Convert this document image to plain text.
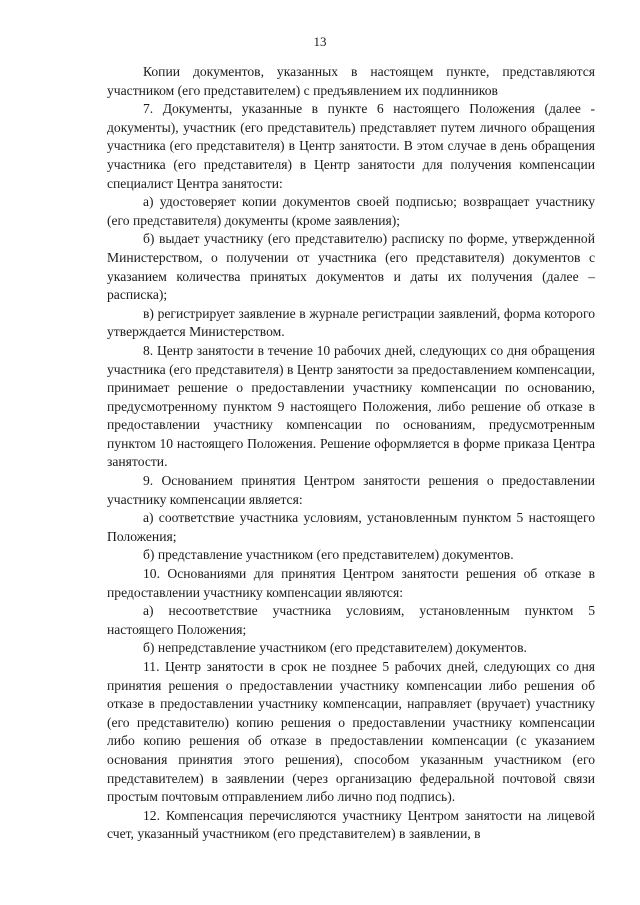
13

Копии документов, указанных в настоящем пункте, представляются участником (его представителем) с предъявлением их подлинников

7. Документы, указанные в пункте 6 настоящего Положения (далее - документы), участник (его представитель) представляет путем личного обращения участника (его представителя) в Центр занятости. В этом случае в день обращения участника (его представителя) в Центр занятости для получения компенсации специалист Центра занятости:

а) удостоверяет копии документов своей подписью; возвращает участнику (его представителя) документы (кроме заявления);

б) выдает участнику (его представителю) расписку по форме, утвержденной Министерством, о получении от участника (его представителя) документов с указанием количества принятых документов и даты их получения (далее – расписка);

в) регистрирует заявление в журнале регистрации заявлений, форма которого утверждается Министерством.

8. Центр занятости в течение 10 рабочих дней, следующих со дня обращения участника (его представителя) в Центр занятости за предоставлением компенсации, принимает решение о предоставлении участнику компенсации по основанию, предусмотренному пунктом 9 настоящего Положения, либо решение об отказе в предоставлении участнику компенсации по основаниям, предусмотренным пунктом 10 настоящего Положения. Решение оформляется в форме приказа Центра занятости.

9. Основанием принятия Центром занятости решения о предоставлении участнику компенсации является:

а) соответствие участника условиям, установленным пунктом 5 настоящего Положения;

б) представление участником (его представителем) документов.

10. Основаниями для принятия Центром занятости решения об отказе в предоставлении участнику компенсации являются:

а) несоответствие участника условиям, установленным пунктом 5 настоящего Положения;

б) непредставление участником (его представителем) документов.

11. Центр занятости в срок не позднее 5 рабочих дней, следующих со дня принятия решения о предоставлении участнику компенсации либо решения об отказе в предоставлении участнику компенсации, направляет (вручает) участнику (его представителю) копию решения о предоставлении участнику компенсации либо копию решения об отказе в предоставлении компенсации (с указанием основания принятия этого решения), способом указанным участником (его представителем) в заявлении (через организацию федеральной почтовой связи простым почтовым отправлением либо лично под подпись).

12. Компенсация перечисляются участнику Центром занятости на лицевой счет, указанный участником (его представителем) в заявлении, в
